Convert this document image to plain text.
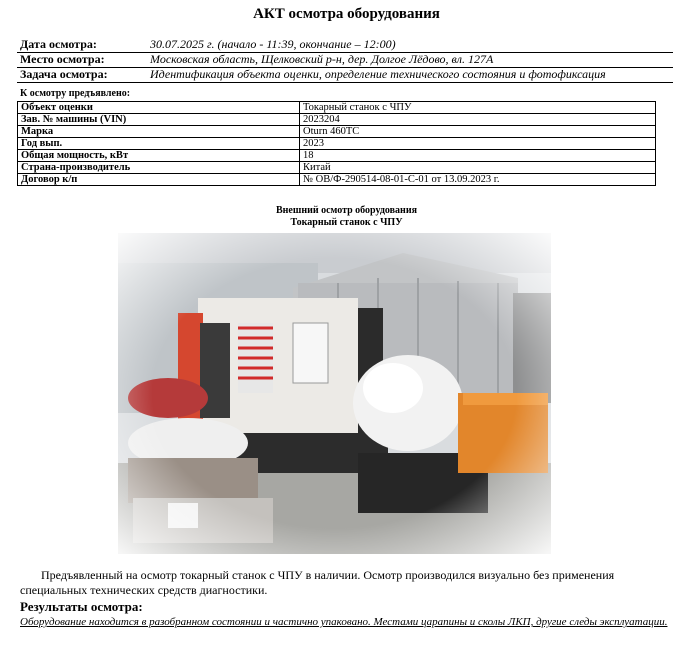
АКТ осмотра оборудования
Дата осмотра:	30.07.2025 г. (начало - 11:39, окончание – 12:00)
Место осмотра:	Московская область, Щелковский р-н, дер. Долгое Лёдово, вл. 127А
Задача осмотра:	Идентификация объекта оценки, определение технического состояния и фотофиксация
К осмотру предъявлено:
Объект оценки	Токарный станок с ЧПУ
Зав. № машины (VIN)	2023204
Марка	Oturn 460TC
Год вып.	2023
Общая мощность, кВт	18
Страна-производитель	Китай
Договор к/п	№ ОВ/Ф-290514-08-01-С-01 от 13.09.2023 г.
Внешний осмотр оборудования
Токарный станок с ЧПУ
Предъявленный на осмотр токарный станок с ЧПУ в наличии. Осмотр производился визуально без применения специальных технических средств диагностики.
Результаты осмотра:
Оборудование находится в разобранном состоянии и частично упаковано. Местами царапины и сколы ЛКП, другие следы эксплуатации.
